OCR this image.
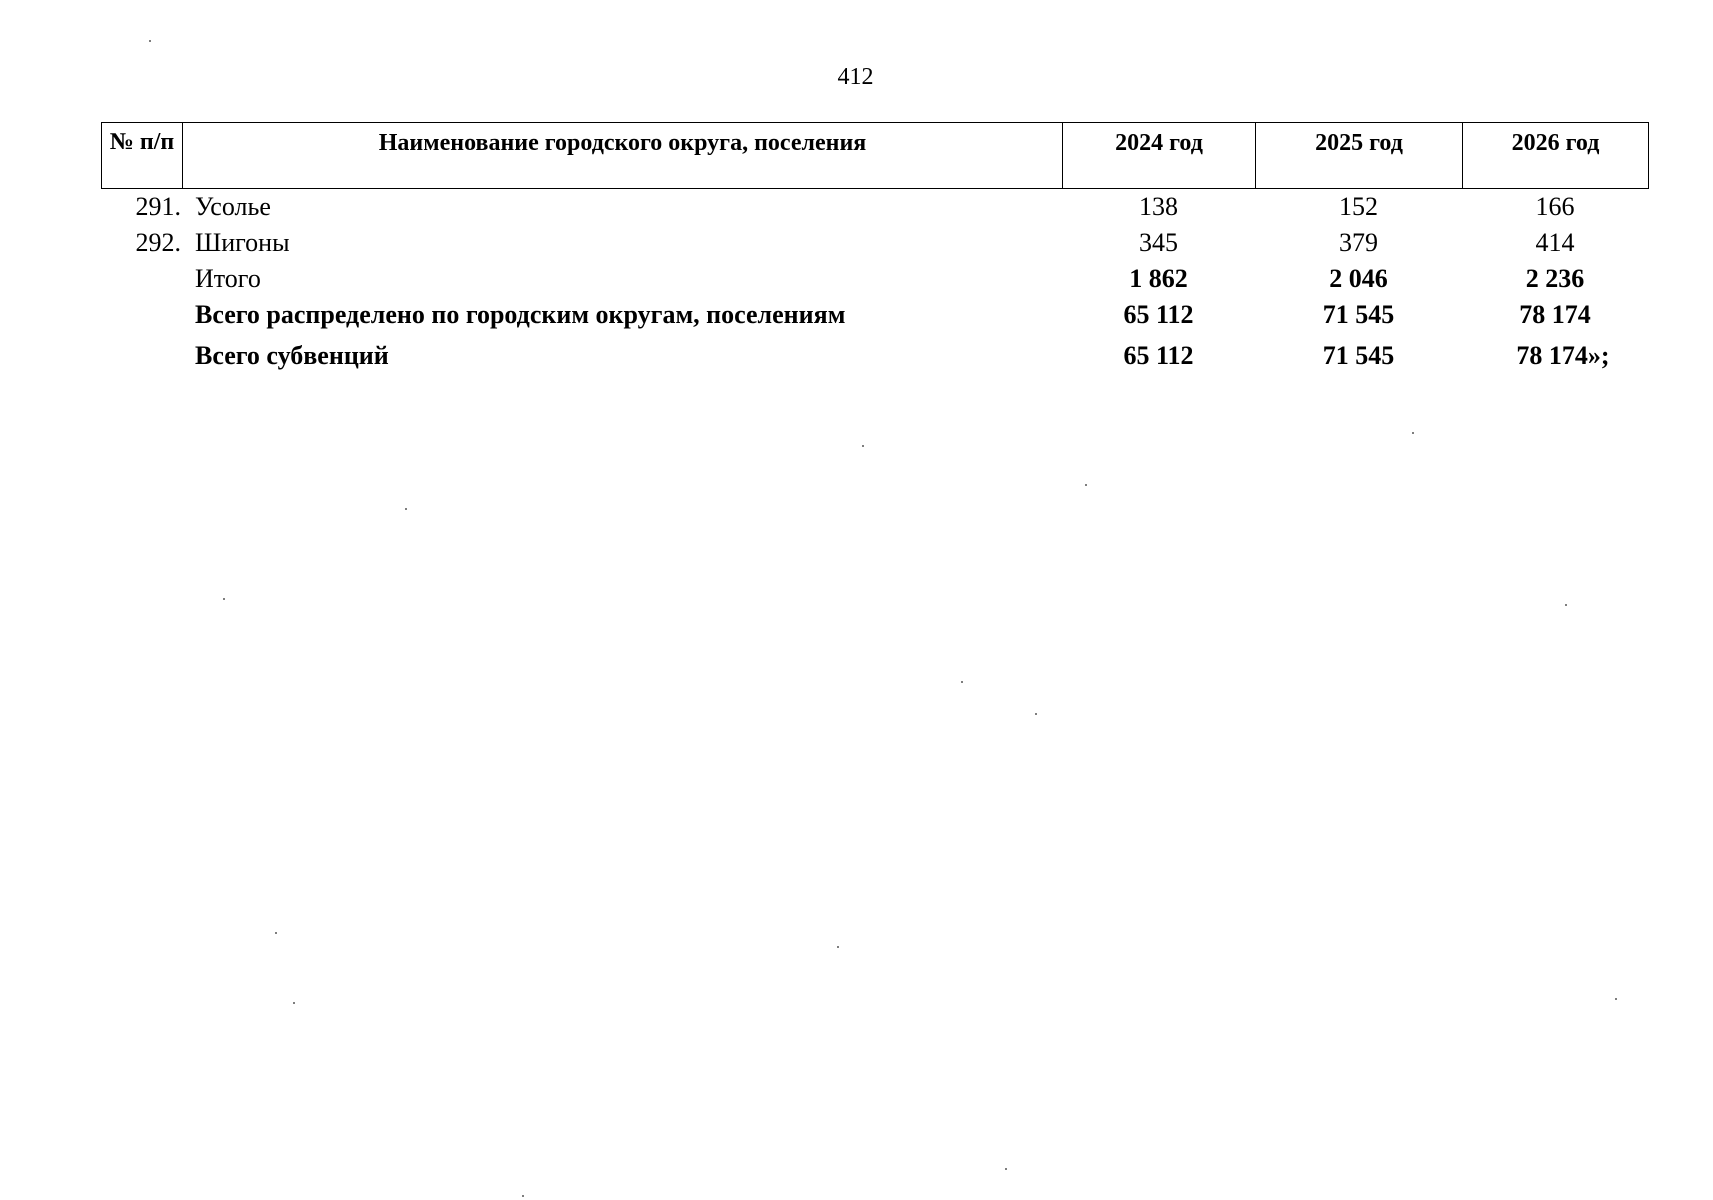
412
№ п/п	Наименование городского округа, поселения	2024 год	2025 год	2026 год
291. Усолье	138	152	166
292. Шигоны	345	379	414
Итого	1 862	2 046	2 236
Всего распределено по городским округам, поселениям	65 112	71 545	78 174
Всего субвенций	65 112	71 545	78 174»;
